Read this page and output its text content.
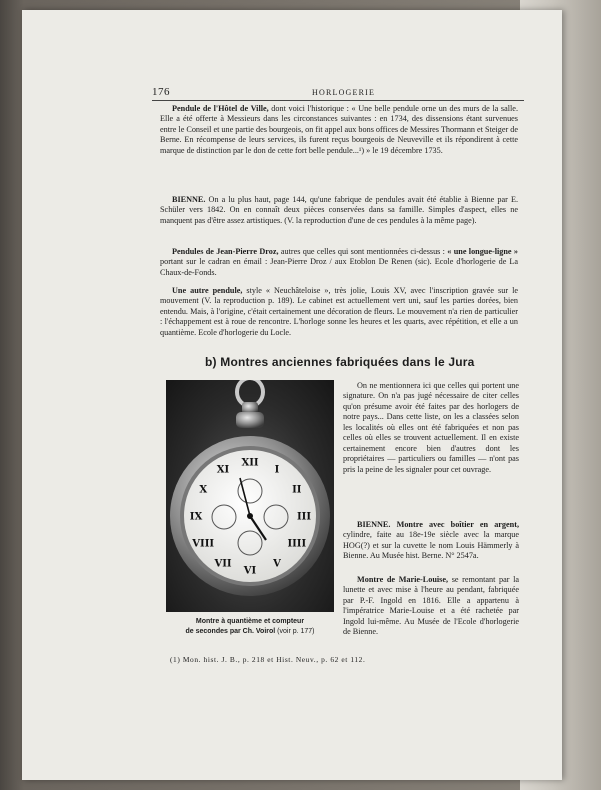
176	HORLOGERIE
Pendule de l'Hôtel de Ville, dont voici l'historique : « Une belle pendule orne un des murs de la salle. Elle a été offerte à Messieurs dans les circonstances suivantes : en 1734, des dissensions étant survenues entre le Conseil et une partie des bourgeois, on fit appel aux bons offices de Messires Thormann et Steiger de Berne. En récompense de leurs services, ils furent reçus bourgeois de Neuveville et ils répondirent à cette marque de distinction par le don de cette fort belle pendule...¹) » le 19 décembre 1735.
BIENNE. On a lu plus haut, page 144, qu'une fabrique de pendules avait été établie à Bienne par E. Schüler vers 1842. On en connaît deux pièces conservées dans sa famille. Simples d'aspect, elles ne manquent pas d'être assez artistiques. (V. la reproduction d'une de ces pendules à la même page).
Pendules de Jean-Pierre Droz, autres que celles qui sont mentionnées ci-dessus : « une longue-ligne » portant sur le cadran en émail : Jean-Pierre Droz / aux Etoblon De Renen (sic). Ecole d'horlogerie de La Chaux-de-Fonds.
Une autre pendule, style « Neuchâteloise », très jolie, Louis XV, avec l'inscription gravée sur le mouvement (V. la reproduction p. 189). Le cabinet est actuellement vert uni, sauf les parties dorées, bien entendu. Mais, à l'origine, c'était certainement une décoration de fleurs. Le mouvement n'a rien de particulier : l'échappement est à roue de rencontre. L'horloge sonne les heures et les quarts, avec répétition, et elle a un quantième. Ecole d'horlogerie du Locle.
b) Montres anciennes fabriquées dans le Jura
XII
I
II
III
IIII
V
VI
VII
VIII
IX
X
XI
Montre à quantième et compteur
de secondes par Ch. Voirol (voir p. 177)
On ne mentionnera ici que celles qui portent une signature. On n'a pas jugé nécessaire de citer celles qu'on présume avoir été faites par des horlogers de notre pays... Dans cette liste, on les a classées selon les localités où elles ont été fabriquées et non pas celles où elles se trouvent actuellement. Il en existe certainement encore bien d'autres dont les propriétaires — particuliers ou familles — n'ont pas pris la peine de les signaler pour cet ouvrage.
BIENNE. Montre avec boîtier en argent, cylindre, faite au 18e-19e siècle avec la marque HOG(?) et sur la cuvette le nom Louis Hämmerly à Bienne. Au Musée hist. Berne. N° 2547a.
Montre de Marie-Louise, se remontant par la lunette et avec mise à l'heure au pendant, fabriquée par P.-F. Ingold en 1816. Elle a appartenu à l'impératrice Marie-Louise et a été rachetée par Ingold lui-même. Au Musée de l'Ecole d'horlogerie de Bienne.
(1) Mon. hist. J. B., p. 218 et Hist. Neuv., p. 62 et 112.
